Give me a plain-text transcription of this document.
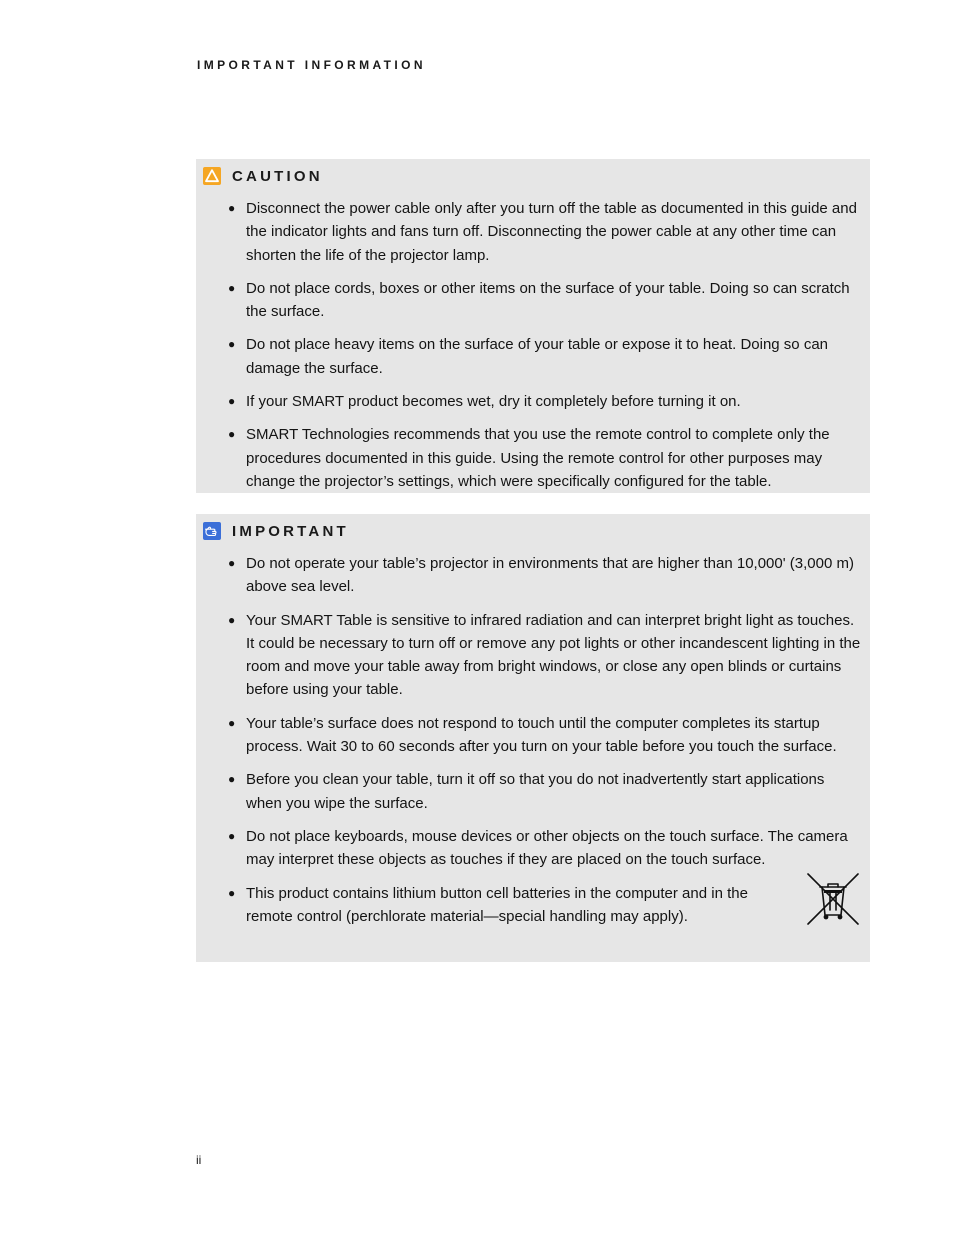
IMPORTANT INFORMATION
CAUTION
● Disconnect the power cable only after you turn off the table as documented in this guide and the indicator lights and fans turn off. Disconnecting the power cable at any other time can shorten the life of the projector lamp.
● Do not place cords, boxes or other items on the surface of your table. Doing so can scratch the surface.
● Do not place heavy items on the surface of your table or expose it to heat. Doing so can damage the surface.
● If your SMART product becomes wet, dry it completely before turning it on.
● SMART Technologies recommends that you use the remote control to complete only the procedures documented in this guide. Using the remote control for other purposes may change the projector’s settings, which were specifically configured for the table.
IMPORTANT
● Do not operate your table’s projector in environments that are higher than 10,000' (3,000 m) above sea level.
● Your SMART Table is sensitive to infrared radiation and can interpret bright light as touches. It could be necessary to turn off or remove any pot lights or other incandescent lighting in the room and move your table away from bright windows, or close any open blinds or curtains before using your table.
● Your table’s surface does not respond to touch until the computer completes its startup process. Wait 30 to 60 seconds after you turn on your table before you touch the surface.
● Before you clean your table, turn it off so that you do not inadvertently start applications when you wipe the surface.
● Do not place keyboards, mouse devices or other objects on the touch surface. The camera may interpret these objects as touches if they are placed on the touch surface.
● This product contains lithium button cell batteries in the computer and in the remote control (perchlorate material—special handling may apply).
ii
